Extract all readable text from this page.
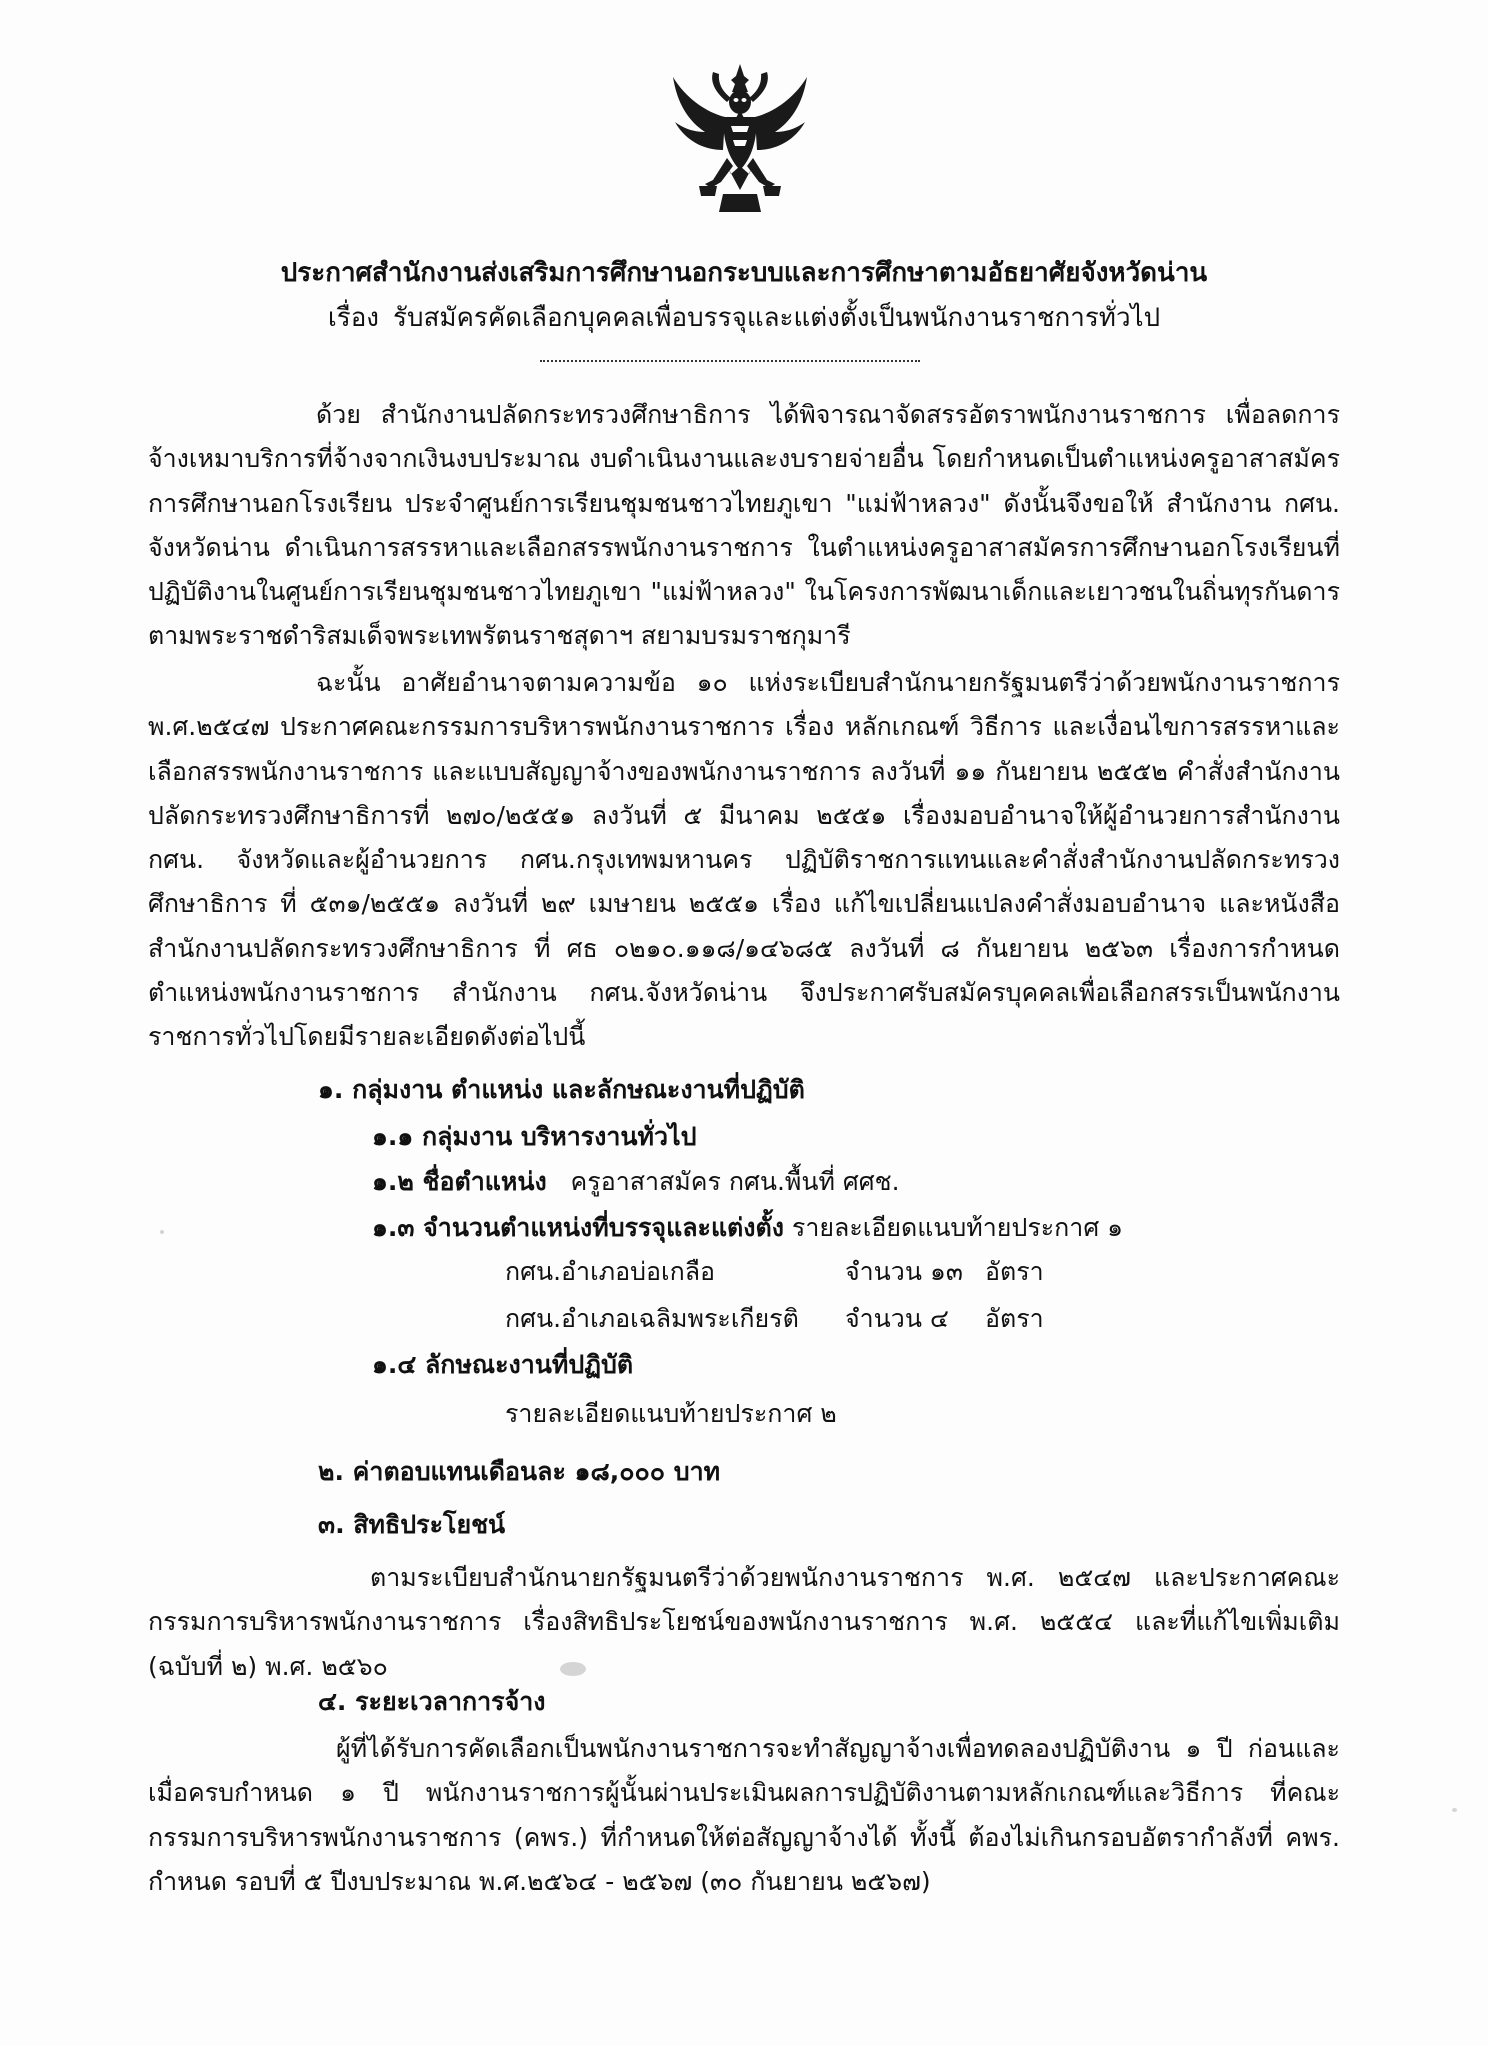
ประกาศสำนักงานส่งเสริมการศึกษานอกระบบและการศึกษาตามอัธยาศัยจังหวัดน่าน
เรื่อง รับสมัครคัดเลือกบุคคลเพื่อบรรจุและแต่งตั้งเป็นพนักงานราชการทั่วไป

ด้วย สำนักงานปลัดกระทรวงศึกษาธิการ ได้พิจารณาจัดสรรอัตราพนักงานราชการ เพื่อลดการจ้างเหมาบริการที่จ้างจากเงินงบประมาณ งบดำเนินงานและงบรายจ่ายอื่น โดยกำหนดเป็นตำแหน่งครูอาสาสมัครการศึกษานอกโรงเรียน ประจำศูนย์การเรียนชุมชนชาวไทยภูเขา "แม่ฟ้าหลวง" ดังนั้นจึงขอให้ สำนักงาน กศน. จังหวัดน่าน ดำเนินการสรรหาและเลือกสรรพนักงานราชการ ในตำแหน่งครูอาสาสมัครการศึกษานอกโรงเรียนที่ปฏิบัติงานในศูนย์การเรียนชุมชนชาวไทยภูเขา "แม่ฟ้าหลวง" ในโครงการพัฒนาเด็กและเยาวชนในถิ่นทุรกันดารตามพระราชดำริสมเด็จพระเทพรัตนราชสุดาฯ สยามบรมราชกุมารี

ฉะนั้น อาศัยอำนาจตามความข้อ ๑๐ แห่งระเบียบสำนักนายกรัฐมนตรีว่าด้วยพนักงานราชการ พ.ศ.๒๕๔๗ ประกาศคณะกรรมการบริหารพนักงานราชการ เรื่อง หลักเกณฑ์ วิธีการ และเงื่อนไขการสรรหาและเลือกสรรพนักงานราชการ และแบบสัญญาจ้างของพนักงานราชการ ลงวันที่ ๑๑ กันยายน ๒๕๕๒ คำสั่งสำนักงานปลัดกระทรวงศึกษาธิการที่ ๒๗๐/๒๕๕๑ ลงวันที่ ๕ มีนาคม ๒๕๕๑ เรื่องมอบอำนาจให้ผู้อำนวยการสำนักงาน กศน. จังหวัดและผู้อำนวยการ กศน.กรุงเทพมหานคร ปฏิบัติราชการแทนและคำสั่งสำนักงานปลัดกระทรวงศึกษาธิการ ที่ ๕๓๑/๒๕๕๑ ลงวันที่ ๒๙ เมษายน ๒๕๕๑ เรื่อง แก้ไขเปลี่ยนแปลงคำสั่งมอบอำนาจ และหนังสือสำนักงานปลัดกระทรวงศึกษาธิการ ที่ ศธ ๐๒๑๐.๑๑๘/๑๔๖๘๕ ลงวันที่ ๘ กันยายน ๒๕๖๓ เรื่องการกำหนดตำแหน่งพนักงานราชการ สำนักงาน กศน.จังหวัดน่าน จึงประกาศรับสมัครบุคคลเพื่อเลือกสรรเป็นพนักงานราชการทั่วไปโดยมีรายละเอียดดังต่อไปนี้

๑. กลุ่มงาน ตำแหน่ง และลักษณะงานที่ปฏิบัติ
๑.๑ กลุ่มงาน บริหารงานทั่วไป
๑.๒ ชื่อตำแหน่ง ครูอาสาสมัคร กศน.พื้นที่ ศศช.
๑.๓ จำนวนตำแหน่งที่บรรจุและแต่งตั้ง รายละเอียดแนบท้ายประกาศ ๑
กศน.อำเภอบ่อเกลือ	จำนวน ๑๓ อัตรา
กศน.อำเภอเฉลิมพระเกียรติ จำนวน ๔ อัตรา
๑.๔ ลักษณะงานที่ปฏิบัติ
รายละเอียดแนบท้ายประกาศ ๒
๒. ค่าตอบแทนเดือนละ ๑๘,๐๐๐ บาท
๓. สิทธิประโยชน์

ตามระเบียบสำนักนายกรัฐมนตรีว่าด้วยพนักงานราชการ พ.ศ. ๒๕๔๗ และประกาศคณะกรรมการบริหารพนักงานราชการ เรื่องสิทธิประโยชน์ของพนักงานราชการ พ.ศ. ๒๕๕๔ และที่แก้ไขเพิ่มเติม (ฉบับที่ ๒) พ.ศ. ๒๕๖๐

๔. ระยะเวลาการจ้าง

ผู้ที่ได้รับการคัดเลือกเป็นพนักงานราชการจะทำสัญญาจ้างเพื่อทดลองปฏิบัติงาน ๑ ปี ก่อนและเมื่อครบกำหนด ๑ ปี พนักงานราชการผู้นั้นผ่านประเมินผลการปฏิบัติงานตามหลักเกณฑ์และวิธีการ ที่คณะกรรมการบริหารพนักงานราชการ (คพร.) ที่กำหนดให้ต่อสัญญาจ้างได้ ทั้งนี้ ต้องไม่เกินกรอบอัตรากำลังที่ คพร. กำหนด รอบที่ ๕ ปีงบประมาณ พ.ศ.๒๕๖๔ - ๒๕๖๗ (๓๐ กันยายน ๒๕๖๗)
